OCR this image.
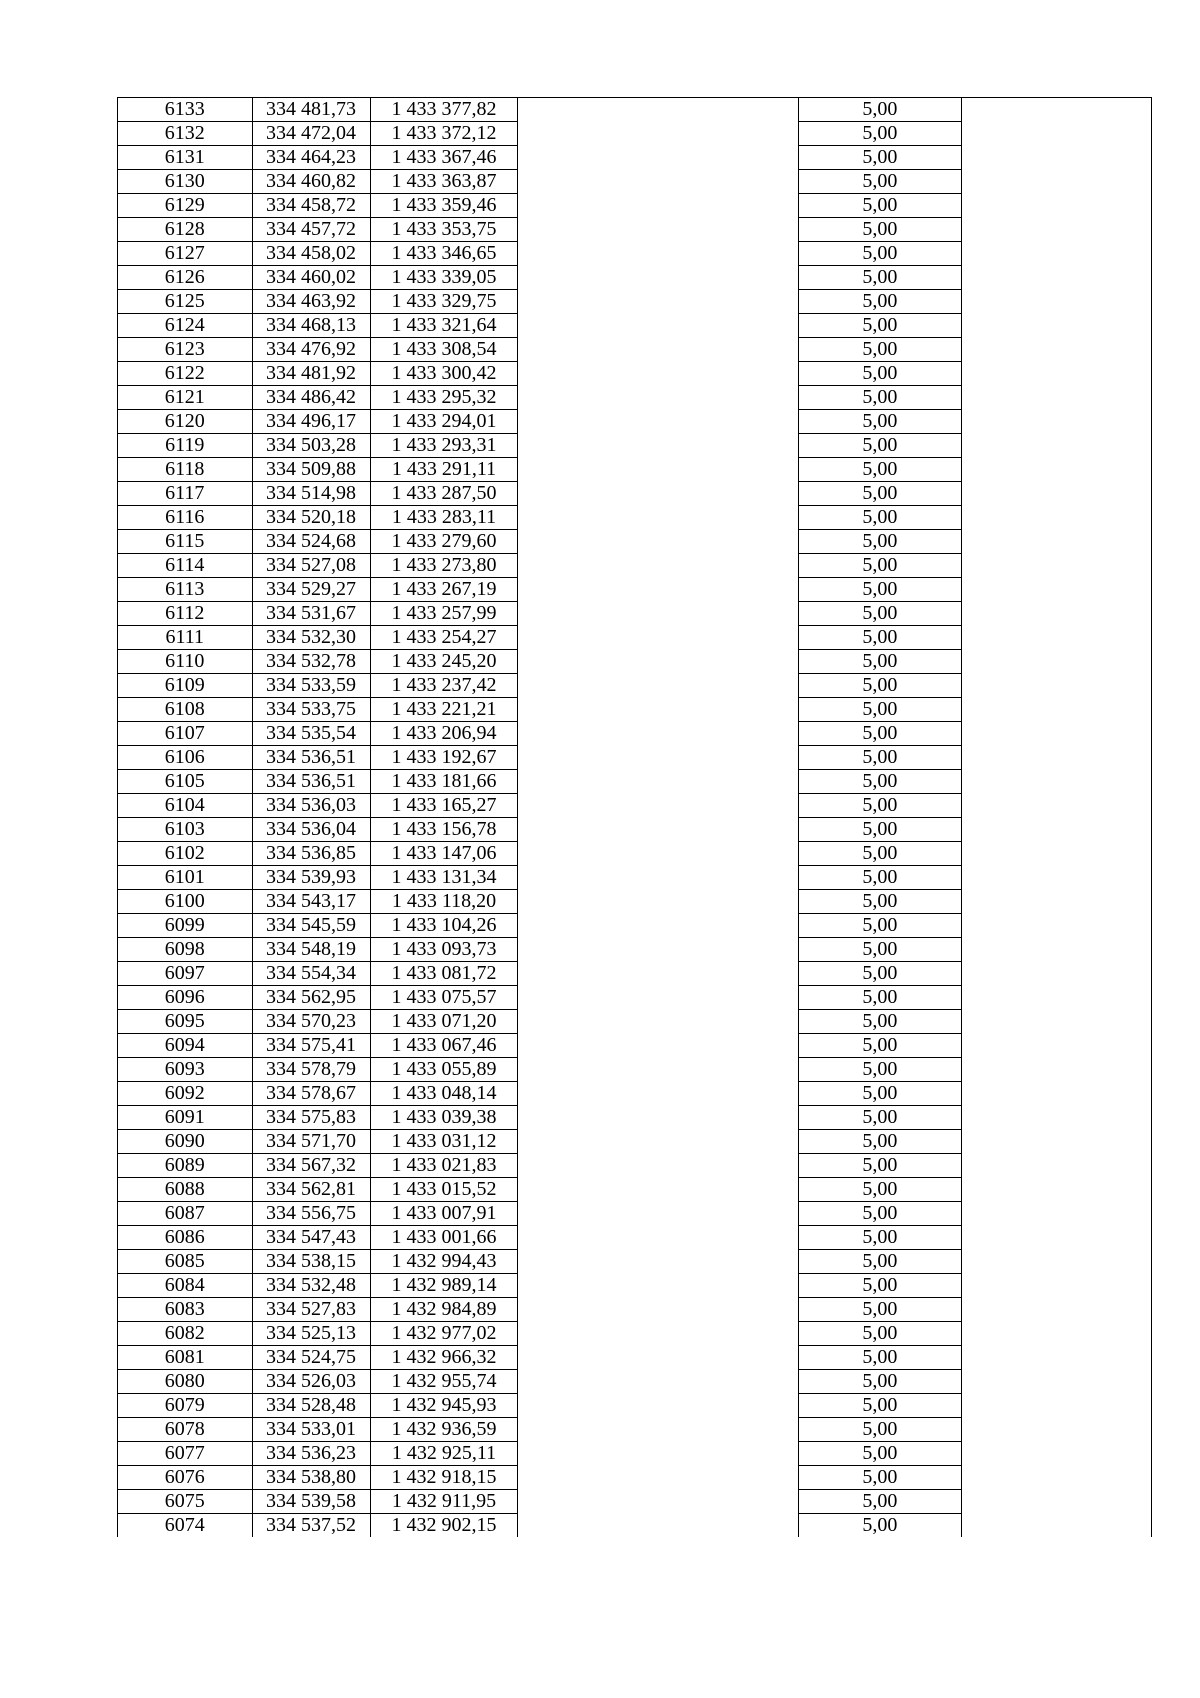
6133	334 481,73	1 433 377,82		5,00	
6132	334 472,04	1 433 372,12		5,00	
6131	334 464,23	1 433 367,46		5,00	
6130	334 460,82	1 433 363,87		5,00	
6129	334 458,72	1 433 359,46		5,00	
6128	334 457,72	1 433 353,75		5,00	
6127	334 458,02	1 433 346,65		5,00	
6126	334 460,02	1 433 339,05		5,00	
6125	334 463,92	1 433 329,75		5,00	
6124	334 468,13	1 433 321,64		5,00	
6123	334 476,92	1 433 308,54		5,00	
6122	334 481,92	1 433 300,42		5,00	
6121	334 486,42	1 433 295,32		5,00	
6120	334 496,17	1 433 294,01		5,00	
6119	334 503,28	1 433 293,31		5,00	
6118	334 509,88	1 433 291,11		5,00	
6117	334 514,98	1 433 287,50		5,00	
6116	334 520,18	1 433 283,11		5,00	
6115	334 524,68	1 433 279,60		5,00	
6114	334 527,08	1 433 273,80		5,00	
6113	334 529,27	1 433 267,19		5,00	
6112	334 531,67	1 433 257,99		5,00	
6111	334 532,30	1 433 254,27		5,00	
6110	334 532,78	1 433 245,20		5,00	
6109	334 533,59	1 433 237,42		5,00	
6108	334 533,75	1 433 221,21		5,00	
6107	334 535,54	1 433 206,94		5,00	
6106	334 536,51	1 433 192,67		5,00	
6105	334 536,51	1 433 181,66		5,00	
6104	334 536,03	1 433 165,27		5,00	
6103	334 536,04	1 433 156,78		5,00	
6102	334 536,85	1 433 147,06		5,00	
6101	334 539,93	1 433 131,34		5,00	
6100	334 543,17	1 433 118,20		5,00	
6099	334 545,59	1 433 104,26		5,00	
6098	334 548,19	1 433 093,73		5,00	
6097	334 554,34	1 433 081,72		5,00	
6096	334 562,95	1 433 075,57		5,00	
6095	334 570,23	1 433 071,20		5,00	
6094	334 575,41	1 433 067,46		5,00	
6093	334 578,79	1 433 055,89		5,00	
6092	334 578,67	1 433 048,14		5,00	
6091	334 575,83	1 433 039,38		5,00	
6090	334 571,70	1 433 031,12		5,00	
6089	334 567,32	1 433 021,83		5,00	
6088	334 562,81	1 433 015,52		5,00	
6087	334 556,75	1 433 007,91		5,00	
6086	334 547,43	1 433 001,66		5,00	
6085	334 538,15	1 432 994,43		5,00	
6084	334 532,48	1 432 989,14		5,00	
6083	334 527,83	1 432 984,89		5,00	
6082	334 525,13	1 432 977,02		5,00	
6081	334 524,75	1 432 966,32		5,00	
6080	334 526,03	1 432 955,74		5,00	
6079	334 528,48	1 432 945,93		5,00	
6078	334 533,01	1 432 936,59		5,00	
6077	334 536,23	1 432 925,11		5,00	
6076	334 538,80	1 432 918,15		5,00	
6075	334 539,58	1 432 911,95		5,00	
6074	334 537,52	1 432 902,15		5,00	
